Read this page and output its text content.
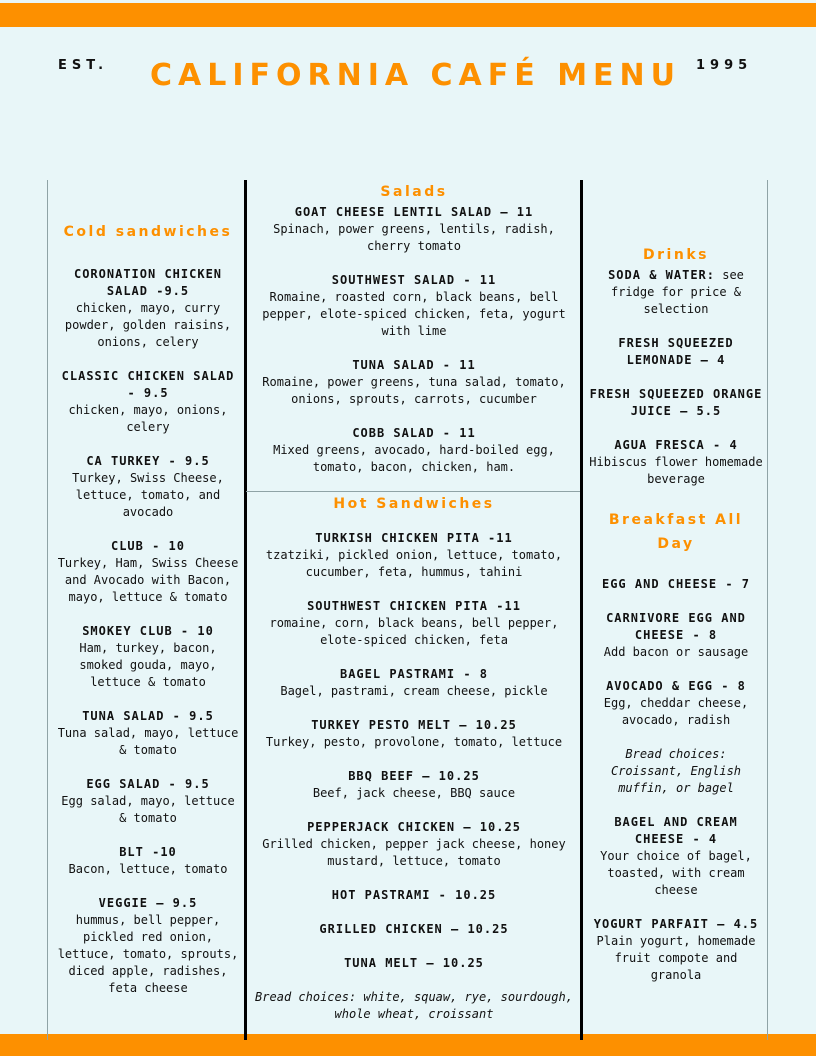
EST. CALIFORNIA CAFÉ MENU 1995
Cold sandwiches
CORONATION CHICKEN SALAD -9.5
chicken, mayo, curry powder, golden raisins, onions, celery
CLASSIC CHICKEN SALAD - 9.5
chicken, mayo, onions, celery
CA TURKEY - 9.5
Turkey, Swiss Cheese, lettuce, tomato, and avocado
CLUB - 10
Turkey, Ham, Swiss Cheese and Avocado with Bacon, mayo, lettuce & tomato
SMOKEY CLUB - 10
Ham, turkey, bacon, smoked gouda, mayo, lettuce & tomato
TUNA SALAD - 9.5
Tuna salad, mayo, lettuce & tomato
EGG SALAD - 9.5
Egg salad, mayo, lettuce & tomato
BLT -10
Bacon, lettuce, tomato
VEGGIE – 9.5
hummus, bell pepper, pickled red onion, lettuce, tomato, sprouts, diced apple, radishes, feta cheese
Salads
GOAT CHEESE LENTIL SALAD – 11
Spinach, power greens, lentils, radish, cherry tomato
SOUTHWEST SALAD - 11
Romaine, roasted corn, black beans, bell pepper, elote-spiced chicken, feta, yogurt with lime
TUNA SALAD - 11
Romaine, power greens, tuna salad, tomato, onions, sprouts, carrots, cucumber
COBB SALAD - 11
Mixed greens, avocado, hard-boiled egg, tomato, bacon, chicken, ham.
Hot Sandwiches
TURKISH CHICKEN PITA -11
tzatziki, pickled onion, lettuce, tomato, cucumber, feta, hummus, tahini
SOUTHWEST CHICKEN PITA -11
romaine, corn, black beans, bell pepper, elote-spiced chicken, feta
BAGEL PASTRAMI - 8
Bagel, pastrami, cream cheese, pickle
TURKEY PESTO MELT – 10.25
Turkey, pesto, provolone, tomato, lettuce
BBQ BEEF – 10.25
Beef, jack cheese, BBQ sauce
PEPPERJACK CHICKEN – 10.25
Grilled chicken, pepper jack cheese, honey mustard, lettuce, tomato
HOT PASTRAMI - 10.25
GRILLED CHICKEN – 10.25
TUNA MELT – 10.25
Bread choices: white, squaw, rye, sourdough, whole wheat, croissant
Drinks
SODA & WATER: see fridge for price & selection
FRESH SQUEEZED LEMONADE – 4
FRESH SQUEEZED ORANGE JUICE – 5.5
AGUA FRESCA - 4
Hibiscus flower homemade beverage
Breakfast All Day
EGG AND CHEESE - 7
CARNIVORE EGG AND CHEESE - 8
Add bacon or sausage
AVOCADO & EGG - 8
Egg, cheddar cheese, avocado, radish
Bread choices: Croissant, English muffin, or bagel
BAGEL AND CREAM CHEESE - 4
Your choice of bagel, toasted, with cream cheese
YOGURT PARFAIT – 4.5
Plain yogurt, homemade fruit compote and granola
